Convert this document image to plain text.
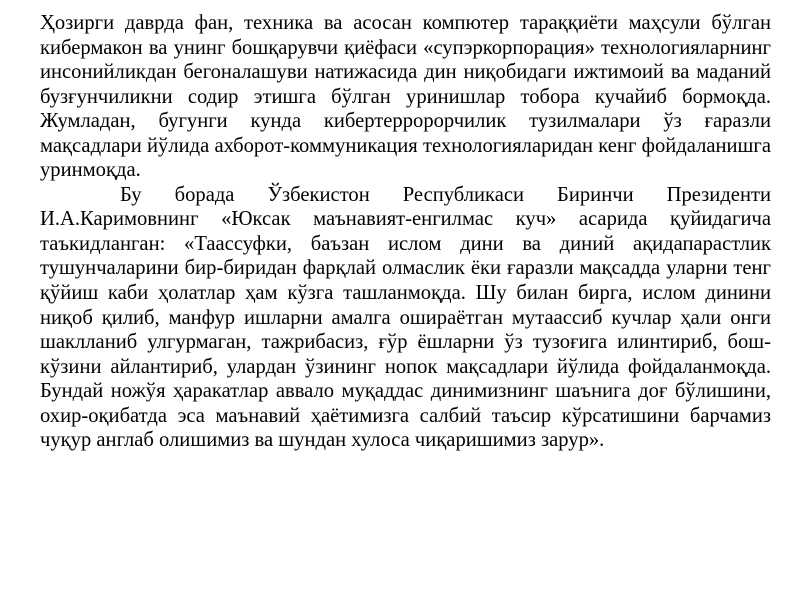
Ҳозирги даврда фан, техника ва асосан компютер тараққиёти маҳсули бўлган кибермакон ва унинг бошқарувчи қиёфаси «супэркорпорация» технологияларнинг инсонийликдан бегоналашуви натижасида дин ниқобидаги ижтимоий ва маданий бузғунчиликни содир этишга бўлган уринишлар тобора кучайиб бормоқда. Жумладан, бугунги кунда кибертерророрчилик тузилмалари ўз ғаразли мақсадлари йўлида ахборот-коммуникация технологияларидан кенг фойдаланишга уринмоқда.

Бу борада Ўзбекистон Республикаси Биринчи Президенти И.А.Каримовнинг «Юксак маънавият-енгилмас куч» асарида қуйидагича таъкидланган: «Таассуфки, баъзан ислом дини ва диний ақидапарастлик тушунчаларини бир-биридан фарқлай олмаслик ёки ғаразли мақсадда уларни тенг қўйиш каби ҳолатлар ҳам кўзга ташланмоқда. Шу билан бирга, ислом динини ниқоб қилиб, манфур ишларни амалга ошираётган мутаассиб кучлар ҳали онги шаклланиб улгурмаган, тажрибасиз, ғўр ёшларни ўз тузоғига илинтириб, бош-кўзини айлантириб, улардан ўзининг нопок мақсадлари йўлида фойдаланмоқда. Бундай ножўя ҳаракатлар аввало муқаддас динимизнинг шаънига доғ бўлишини, охир-оқибатда эса маънавий ҳаётимизга салбий таъсир кўрсатишини барчамиз чуқур англаб олишимиз ва шундан хулоса чиқаришимиз зарур».
